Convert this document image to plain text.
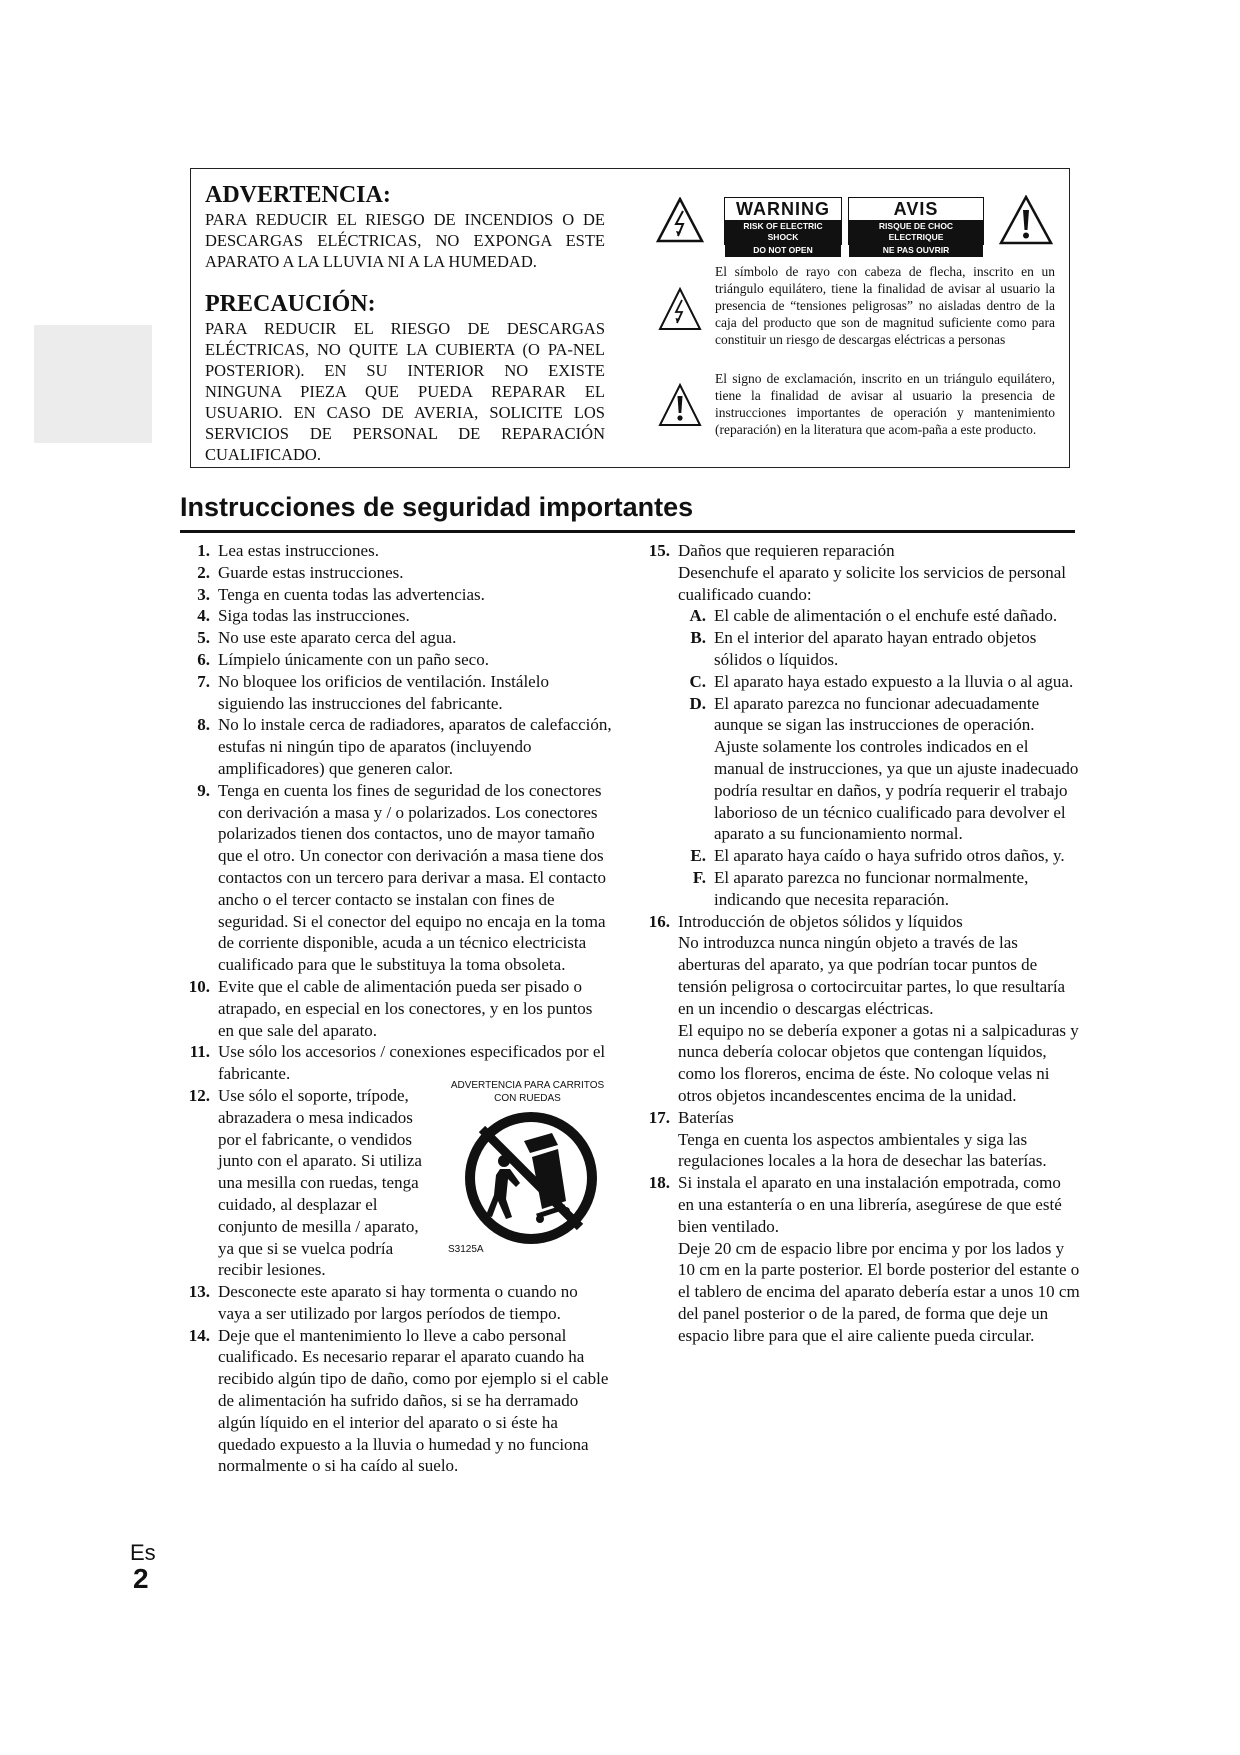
ADVERTENCIA:

PARA REDUCIR EL RIESGO DE INCENDIOS O DE DESCARGAS ELÉCTRICAS, NO EXPONGA ESTE APARATO A LA LLUVIA NI A LA HUMEDAD.

PRECAUCIÓN:

PARA REDUCIR EL RIESGO DE DESCARGAS ELÉCTRICAS, NO QUITE LA CUBIERTA (O PA-NEL POSTERIOR). EN SU INTERIOR NO EXISTE NINGUNA PIEZA QUE PUEDA REPARAR EL USUARIO. EN CASO DE AVERIA, SOLICITE LOS SERVICIOS DE PERSONAL DE REPARACIÓN CUALIFICADO.

WARNING
RISK OF ELECTRIC SHOCK
DO NOT OPEN
AVIS
RISQUE DE CHOC ELECTRIQUE
NE PAS OUVRIR
El símbolo de rayo con cabeza de flecha, inscrito en un triángulo equilátero, tiene la finalidad de avisar al usuario la presencia de “tensiones peligrosas” no aisladas dentro de la caja del producto que son de magnitud suficiente como para constituir un riesgo de descargas eléctricas a personas
El signo de exclamación, inscrito en un triángulo equilátero, tiene la finalidad de avisar al usuario la presencia de instrucciones importantes de operación y mantenimiento (reparación) en la literatura que acom-paña a este producto.
Instrucciones de seguridad importantes
1. Lea estas instrucciones.
2. Guarde estas instrucciones.
3. Tenga en cuenta todas las advertencias.
4. Siga todas las instrucciones.
5. No use este aparato cerca del agua.
6. Límpielo únicamente con un paño seco.
7. No bloquee los orificios de ventilación. Instálelo siguiendo las instrucciones del fabricante.
8. No lo instale cerca de radiadores, aparatos de calefacción, estufas ni ningún tipo de aparatos (incluyendo amplificadores) que generen calor.
9. Tenga en cuenta los fines de seguridad de los conectores con derivación a masa y / o polarizados. Los conectores polarizados tienen dos contactos, uno de mayor tamaño que el otro. Un conector con derivación a masa tiene dos contactos con un tercero para derivar a masa. El contacto ancho o el tercer contacto se instalan con fines de seguridad. Si el conector del equipo no encaja en la toma de corriente disponible, acuda a un técnico electricista cualificado para que le substituya la toma obsoleta.
10. Evite que el cable de alimentación pueda ser pisado o atrapado, en especial en los conectores, y en los puntos en que sale del aparato.
11. Use sólo los accesorios / conexiones especificados por el fabricante.
12. Use sólo el soporte, trípode,
abrazadera o mesa indicados
por el fabricante, o vendidos
junto con el aparato. Si utiliza
una mesilla con ruedas, tenga
cuidado, al desplazar el
conjunto de mesilla / aparato,
ya que si se vuelca podría
recibir lesiones.
ADVERTENCIA PARA CARRITOS
CON RUEDAS
S3125A
13. Desconecte este aparato si hay tormenta o cuando no vaya a ser utilizado por largos períodos de tiempo.
14. Deje que el mantenimiento lo lleve a cabo personal cualificado. Es necesario reparar el aparato cuando ha recibido algún tipo de daño, como por ejemplo si el cable de alimentación ha sufrido daños, si se ha derramado algún líquido en el interior del aparato o si éste ha quedado expuesto a la lluvia o humedad y no funciona normalmente o si ha caído al suelo.
15. Daños que requieren reparación
Desenchufe el aparato y solicite los servicios de personal cualificado cuando:
A. El cable de alimentación o el enchufe esté dañado.
B. En el interior del aparato hayan entrado objetos sólidos o líquidos.
C. El aparato haya estado expuesto a la lluvia o al agua.
D. El aparato parezca no funcionar adecuadamente aunque se sigan las instrucciones de operación. Ajuste solamente los controles indicados en el manual de instrucciones, ya que un ajuste inadecuado podría resultar en daños, y podría requerir el trabajo laborioso de un técnico cualificado para devolver el aparato a su funcionamiento normal.
E. El aparato haya caído o haya sufrido otros daños, y.
F. El aparato parezca no funcionar normalmente, indicando que necesita reparación.
16. Introducción de objetos sólidos y líquidos
No introduzca nunca ningún objeto a través de las aberturas del aparato, ya que podrían tocar puntos de tensión peligrosa o cortocircuitar partes, lo que resultaría en un incendio o descargas eléctricas.
El equipo no se debería exponer a gotas ni a salpicaduras y nunca debería colocar objetos que contengan líquidos, como los floreros, encima de éste. No coloque velas ni otros objetos incandescentes encima de la unidad.
17. Baterías
Tenga en cuenta los aspectos ambientales y siga las regulaciones locales a la hora de desechar las baterías.
18. Si instala el aparato en una instalación empotrada, como en una estantería o en una librería, asegúrese de que esté bien ventilado.
Deje 20 cm de espacio libre por encima y por los lados y 10 cm en la parte posterior. El borde posterior del estante o el tablero de encima del aparato debería estar a unos 10 cm del panel posterior o de la pared, de forma que deje un espacio libre para que el aire caliente pueda circular.
Es
2
